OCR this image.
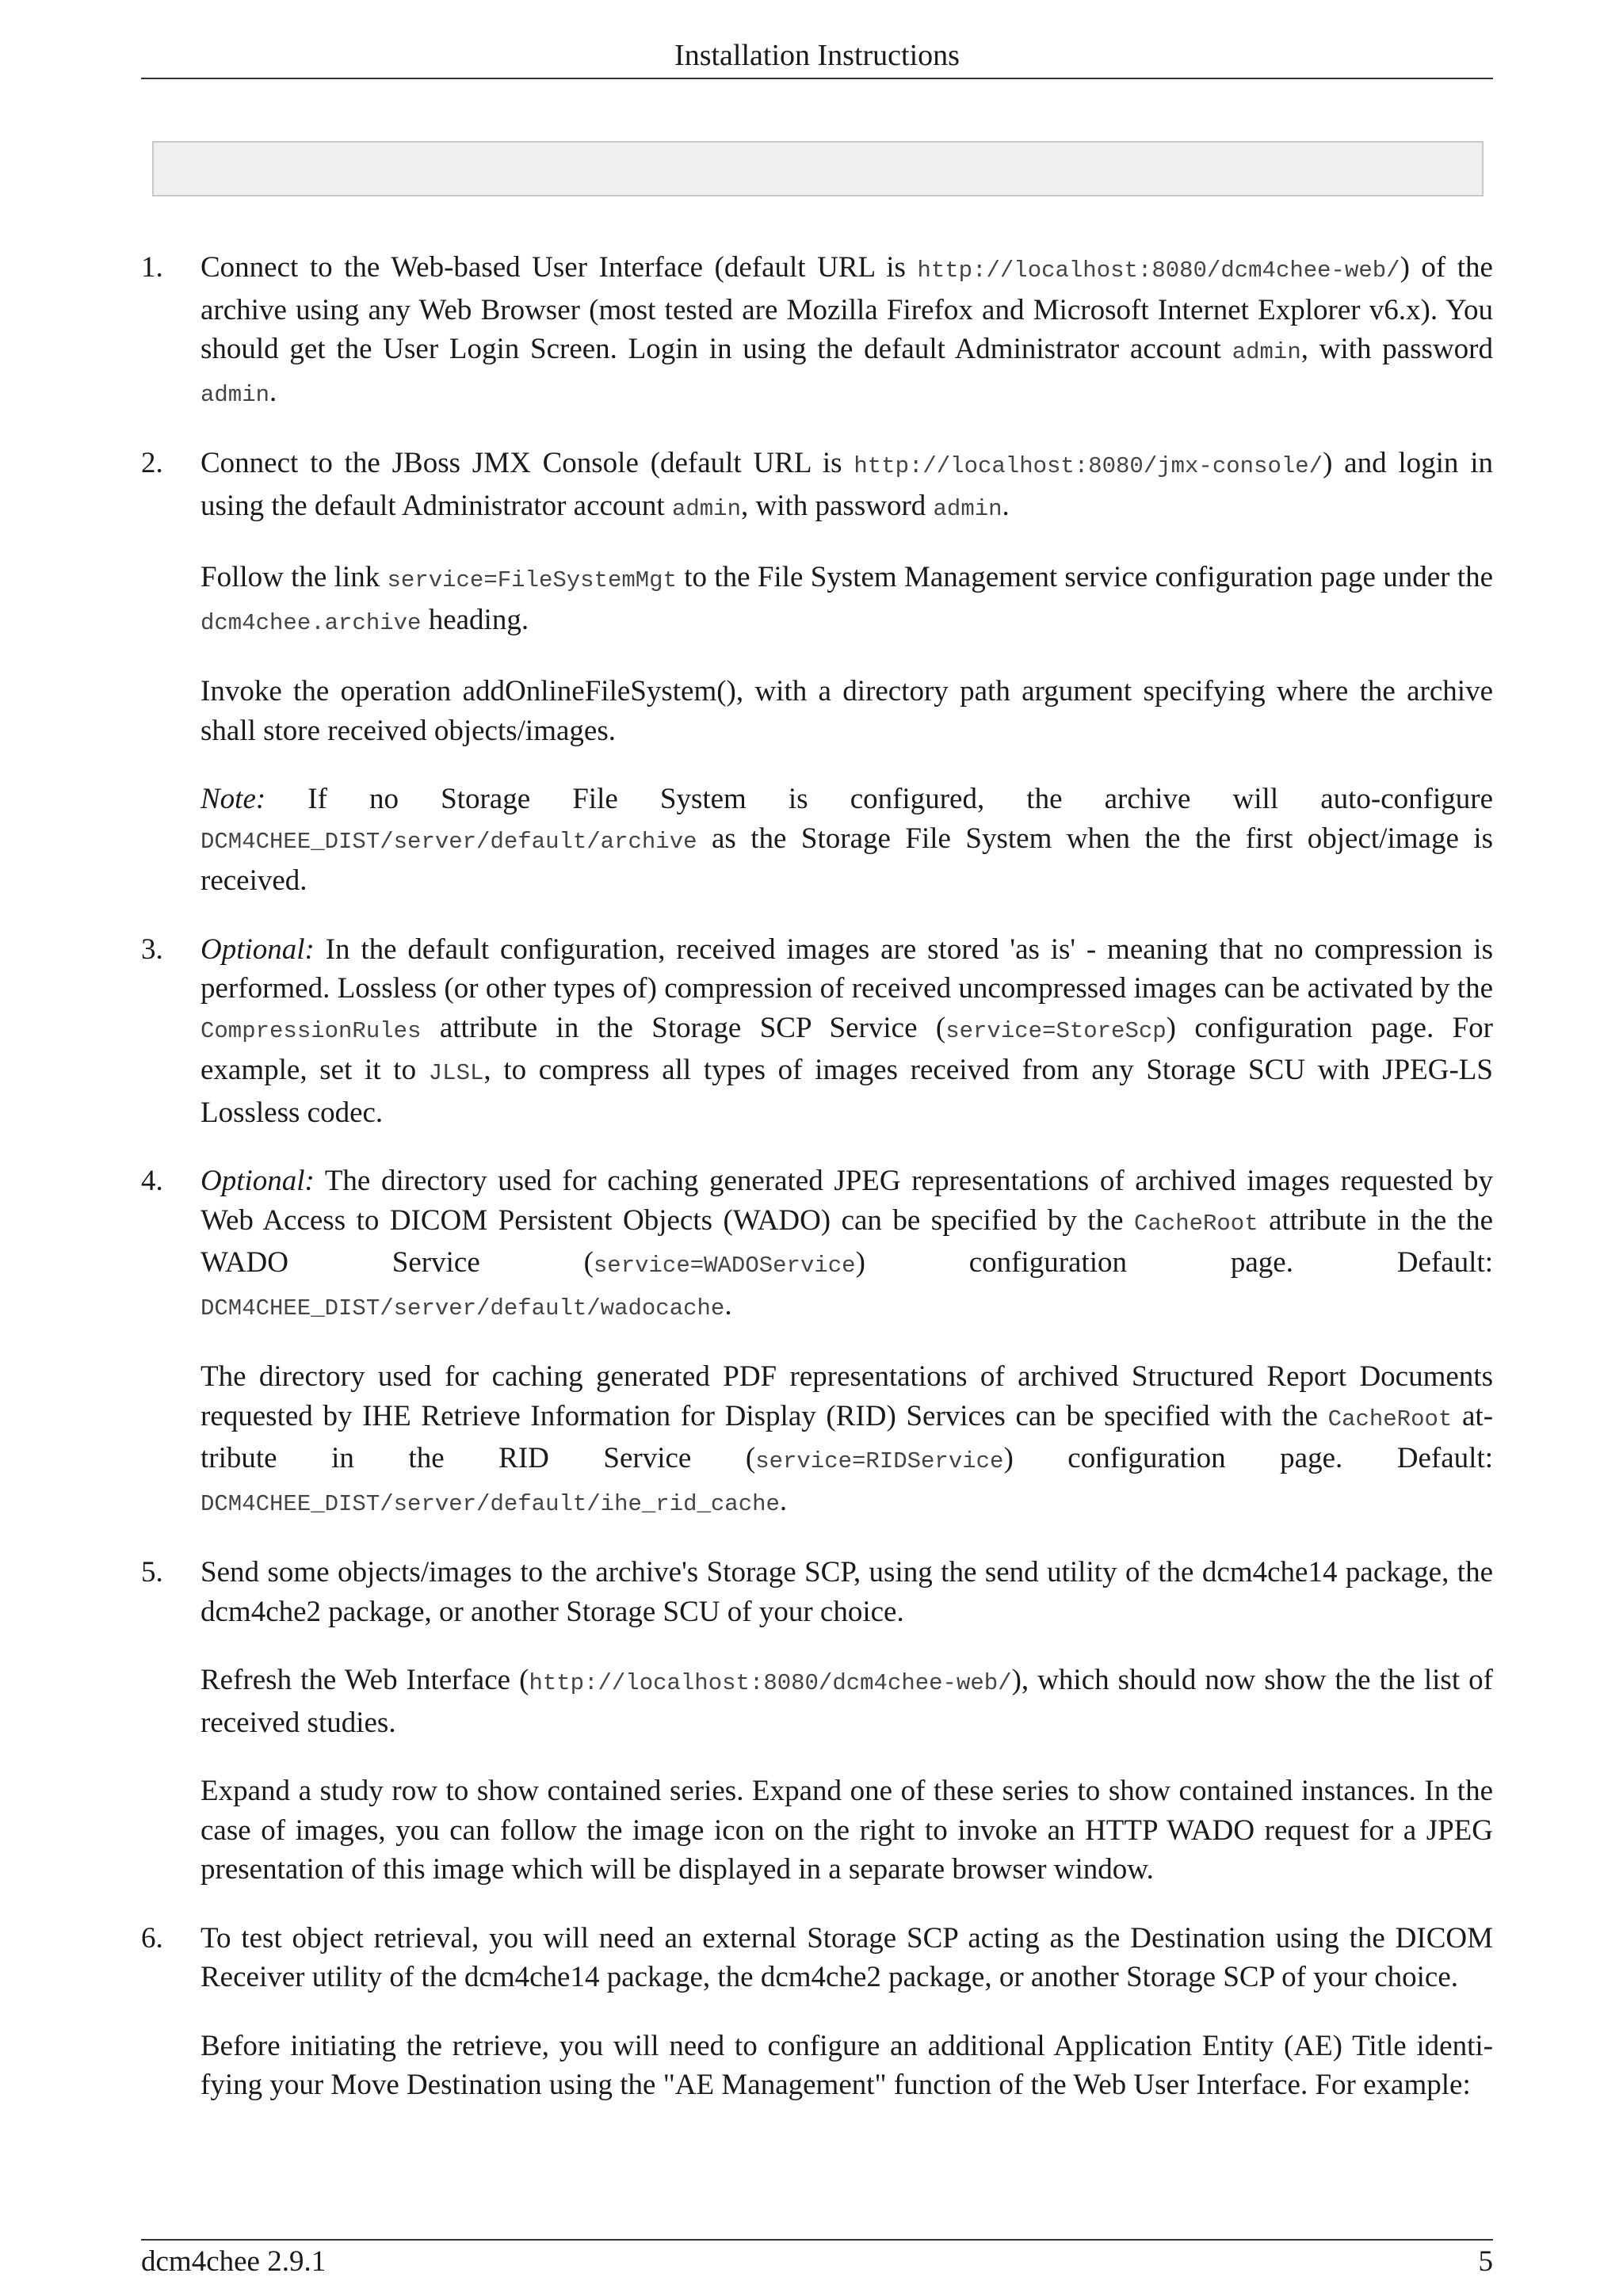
Installation Instructions
1. Connect to the Web-based User Interface (default URL is http://localhost:8080/dcm4chee-web/) of the archive using any Web Browser (most tested are Mozilla Firefox and Microsoft Internet Explorer v6.x). You should get the User Login Screen. Login in using the default Administrator account admin, with password admin.

2. Connect to the JBoss JMX Console (default URL is http://localhost:8080/jmx-console/) and login in using the default Administrator account admin, with password admin.

Follow the link service=FileSystemMgt to the File System Management service configuration page under the dcm4chee.archive heading.

Invoke the operation addOnlineFileSystem(), with a directory path argument specifying where the archive shall store received objects/images.

Note: If no Storage File System is configured, the archive will auto-configure DCM4CHEE_DIST/server/default/archive as the Storage File System when the the first object/image is received.

3. Optional: In the default configuration, received images are stored 'as is' - meaning that no compression is performed. Lossless (or other types of) compression of received uncompressed images can be activated by the CompressionRules attribute in the Storage SCP Service (service=StoreScp) configuration page. For example, set it to JLSL, to compress all types of images received from any Storage SCU with JPEG-LS Lossless codec.

4. Optional: The directory used for caching generated JPEG representations of archived images requested by Web Access to DICOM Persistent Objects (WADO) can be specified by the CacheRoot attribute in the the WADO Service (service=WADOService) configuration page. Default: DCM4CHEE_DIST/server/default/wadocache.

The directory used for caching generated PDF representations of archived Structured Report Documents requested by IHE Retrieve Information for Display (RID) Services can be specified with the CacheRoot attribute in the RID Service (service=RIDService) configuration page. Default: DCM4CHEE_DIST/server/default/ihe_rid_cache.

5. Send some objects/images to the archive's Storage SCP, using the send utility of the dcm4che14 package, the dcm4che2 package, or another Storage SCU of your choice.

Refresh the Web Interface (http://localhost:8080/dcm4chee-web/), which should now show the the list of received studies.

Expand a study row to show contained series. Expand one of these series to show contained instances. In the case of images, you can follow the image icon on the right to invoke an HTTP WADO request for a JPEG presentation of this image which will be displayed in a separate browser window.

6. To test object retrieval, you will need an external Storage SCP acting as the Destination using the DICOM Receiver utility of the dcm4che14 package, the dcm4che2 package, or another Storage SCP of your choice.

Before initiating the retrieve, you will need to configure an additional Application Entity (AE) Title identifying your Move Destination using the "AE Management" function of the Web User Interface. For example:

dcm4chee 2.9.1	5
